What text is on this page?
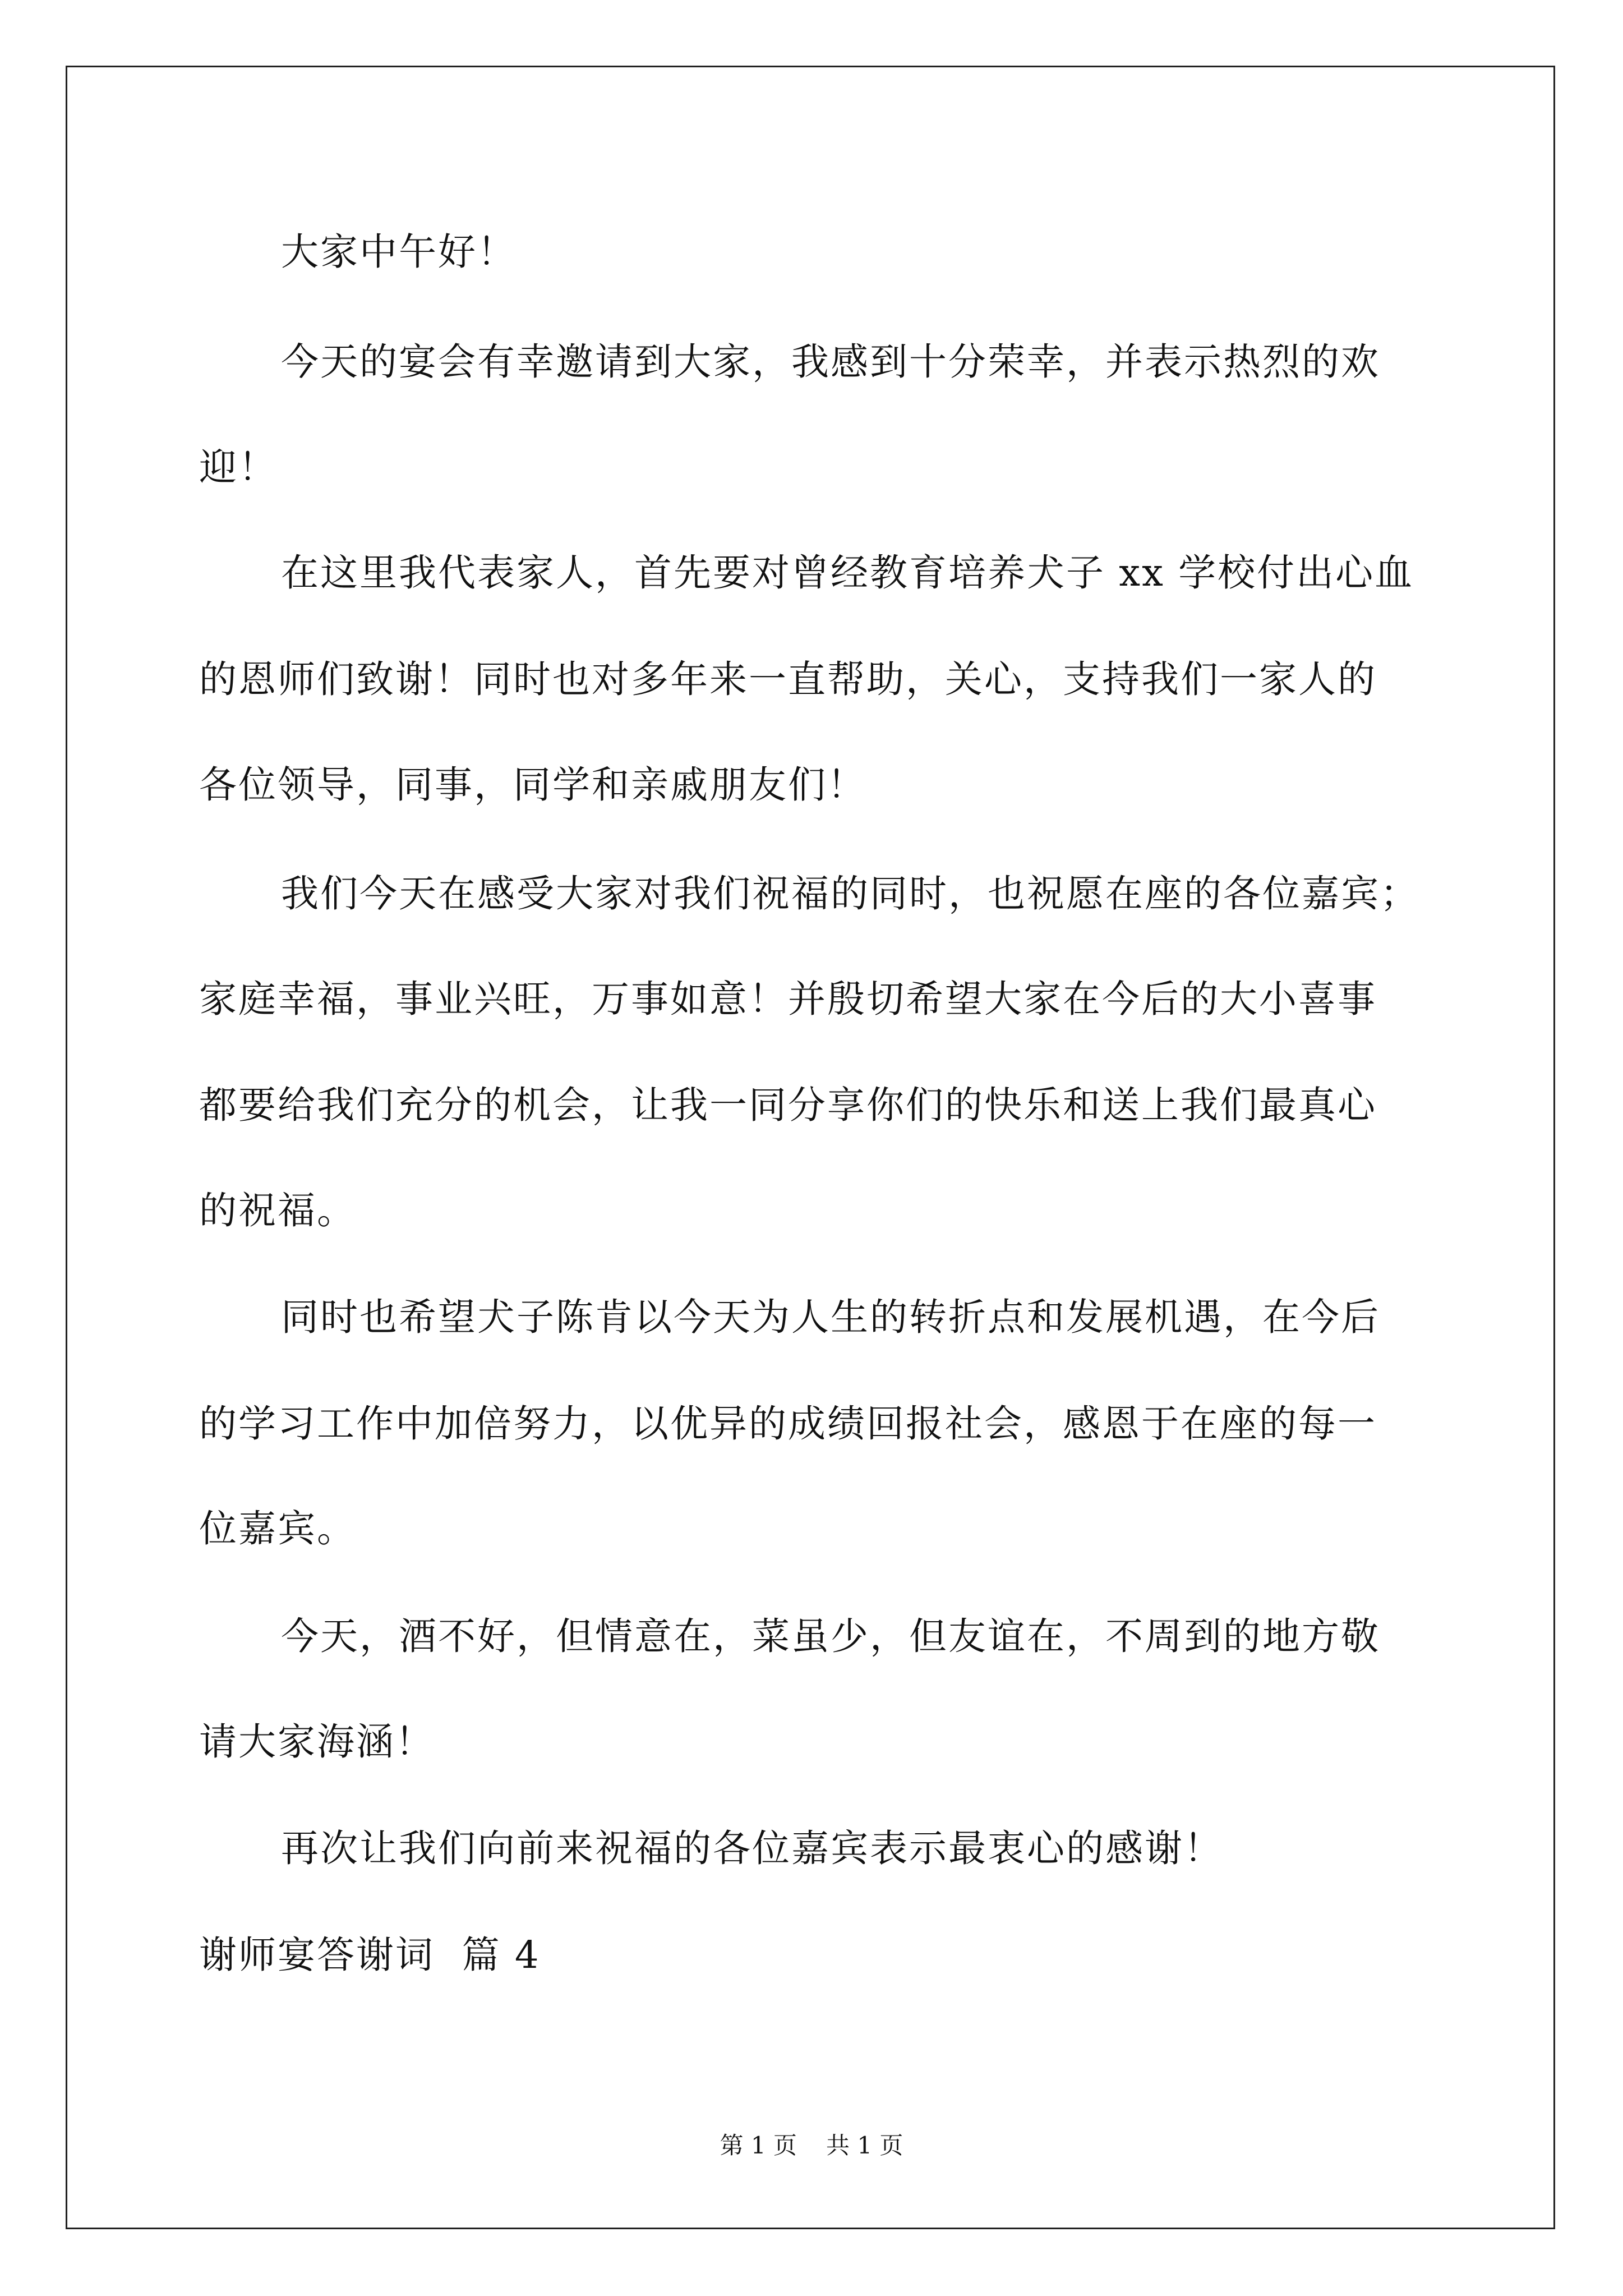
大家中午好！
今天的宴会有幸邀请到大家，我感到十分荣幸，并表示热烈的欢
迎！
在这里我代表家人，首先要对曾经教育培养犬子 xx 学校付出心血
的恩师们致谢！同时也对多年来一直帮助，关心，支持我们一家人的
各位领导，同事，同学和亲戚朋友们！
我们今天在感受大家对我们祝福的同时，也祝愿在座的各位嘉宾；
家庭幸福，事业兴旺，万事如意！并殷切希望大家在今后的大小喜事
都要给我们充分的机会，让我一同分享你们的快乐和送上我们最真心
的祝福。
同时也希望犬子陈肯以今天为人生的转折点和发展机遇，在今后
的学习工作中加倍努力，以优异的成绩回报社会，感恩于在座的每一
位嘉宾。
今天，酒不好，但情意在，菜虽少，但友谊在，不周到的地方敬
请大家海涵！
再次让我们向前来祝福的各位嘉宾表示最衷心的感谢！
谢师宴答谢词  篇 4
第 1 页 共 1 页
